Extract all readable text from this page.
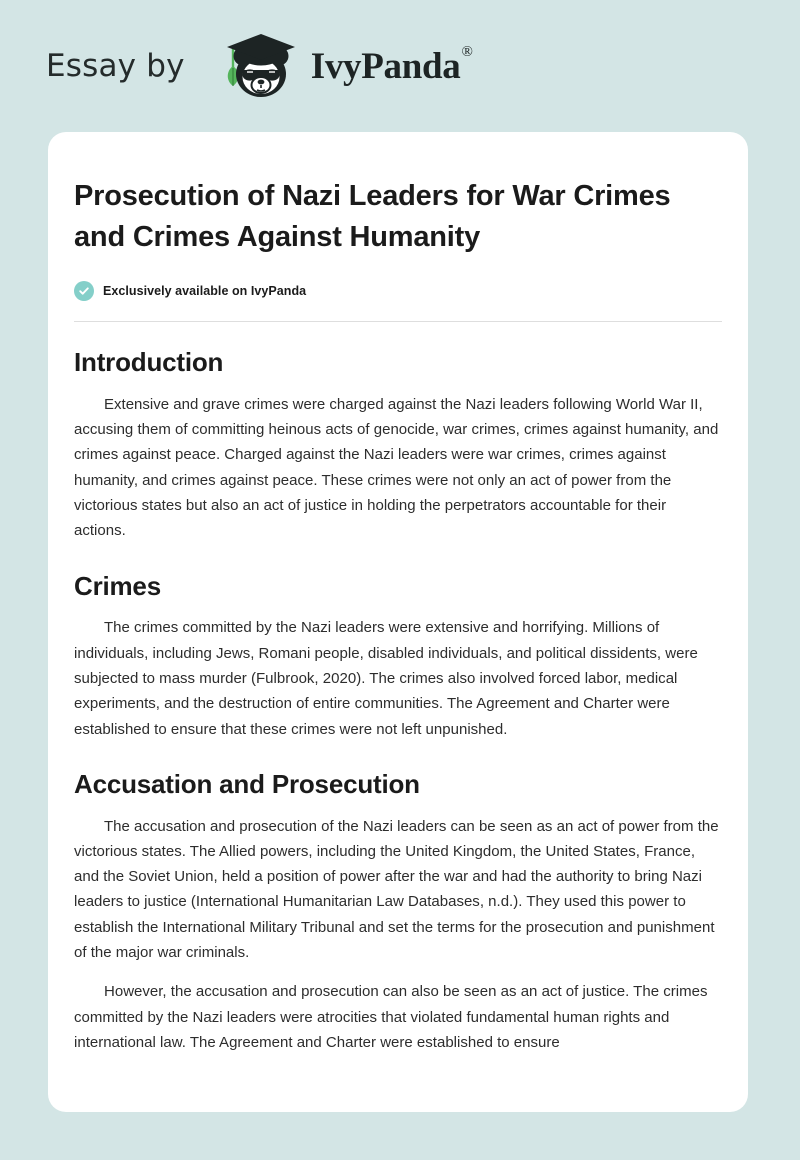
Essay by	IvyPanda®
Prosecution of Nazi Leaders for War Crimes and Crimes Against Humanity
Exclusively available on IvyPanda
Introduction

Extensive and grave crimes were charged against the Nazi leaders following World War II, accusing them of committing heinous acts of genocide, war crimes, crimes against humanity, and crimes against peace. Charged against the Nazi leaders were war crimes, crimes against humanity, and crimes against peace. These crimes were not only an act of power from the victorious states but also an act of justice in holding the perpetrators accountable for their actions.

Crimes

The crimes committed by the Nazi leaders were extensive and horrifying. Millions of individuals, including Jews, Romani people, disabled individuals, and political dissidents, were subjected to mass murder (Fulbrook, 2020). The crimes also involved forced labor, medical experiments, and the destruction of entire communities. The Agreement and Charter were established to ensure that these crimes were not left unpunished.

Accusation and Prosecution

The accusation and prosecution of the Nazi leaders can be seen as an act of power from the victorious states. The Allied powers, including the United Kingdom, the United States, France, and the Soviet Union, held a position of power after the war and had the authority to bring Nazi leaders to justice (International Humanitarian Law Databases, n.d.). They used this power to establish the International Military Tribunal and set the terms for the prosecution and punishment of the major war criminals.

However, the accusation and prosecution can also be seen as an act of justice. The crimes committed by the Nazi leaders were atrocities that violated fundamental human rights and international law. The Agreement and Charter were established to ensure
